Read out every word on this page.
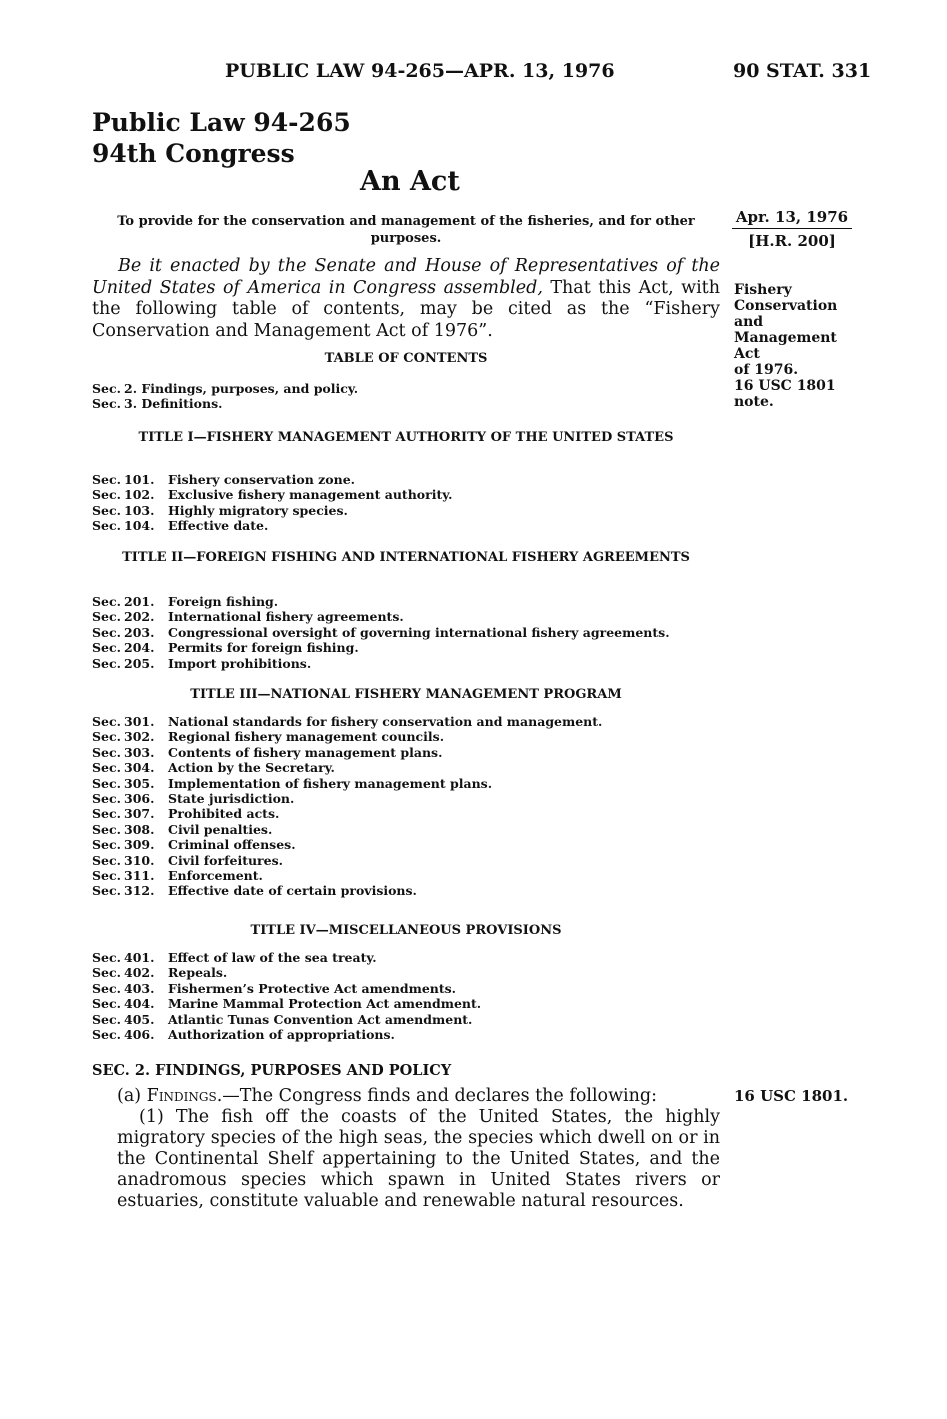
PUBLIC LAW 94-265—APR. 13, 1976	90 STAT. 331
Public Law 94-265
94th Congress
An Act
To provide for the conservation and management of the fisheries, and for other purposes.
Apr. 13, 1976
[H.R. 200]
Fishery
Conservation and
Management Act
of 1976.
16 USC 1801
note.

Be it enacted by the Senate and House of Representatives of the United States of America in Congress assembled, That this Act, with the following table of contents, may be cited as the “Fishery Conservation and Management Act of 1976”.

TABLE OF CONTENTS
Sec. 2. Findings, purposes, and policy.
Sec. 3. Definitions.
TITLE I—FISHERY MANAGEMENT AUTHORITY OF THE UNITED STATES
Sec. 101. Fishery conservation zone.
Sec. 102. Exclusive fishery management authority.
Sec. 103. Highly migratory species.
Sec. 104. Effective date.
TITLE II—FOREIGN FISHING AND INTERNATIONAL FISHERY AGREEMENTS
Sec. 201. Foreign fishing.
Sec. 202. International fishery agreements.
Sec. 203. Congressional oversight of governing international fishery agreements.
Sec. 204. Permits for foreign fishing.
Sec. 205. Import prohibitions.
TITLE III—NATIONAL FISHERY MANAGEMENT PROGRAM
Sec. 301. National standards for fishery conservation and management.
Sec. 302. Regional fishery management councils.
Sec. 303. Contents of fishery management plans.
Sec. 304. Action by the Secretary.
Sec. 305. Implementation of fishery management plans.
Sec. 306. State jurisdiction.
Sec. 307. Prohibited acts.
Sec. 308. Civil penalties.
Sec. 309. Criminal offenses.
Sec. 310. Civil forfeitures.
Sec. 311. Enforcement.
Sec. 312. Effective date of certain provisions.
TITLE IV—MISCELLANEOUS PROVISIONS
Sec. 401. Effect of law of the sea treaty.
Sec. 402. Repeals.
Sec. 403. Fishermen’s Protective Act amendments.
Sec. 404. Marine Mammal Protection Act amendment.
Sec. 405. Atlantic Tunas Convention Act amendment.
Sec. 406. Authorization of appropriations.
SEC. 2. FINDINGS, PURPOSES AND POLICY
16 USC 1801.

(a) Findings.—The Congress finds and declares the following:

(1) The fish off the coasts of the United States, the highly migratory species of the high seas, the species which dwell on or in the Continental Shelf appertaining to the United States, and the anadromous species which spawn in United States rivers or estuaries, constitute valuable and renewable natural resources.
